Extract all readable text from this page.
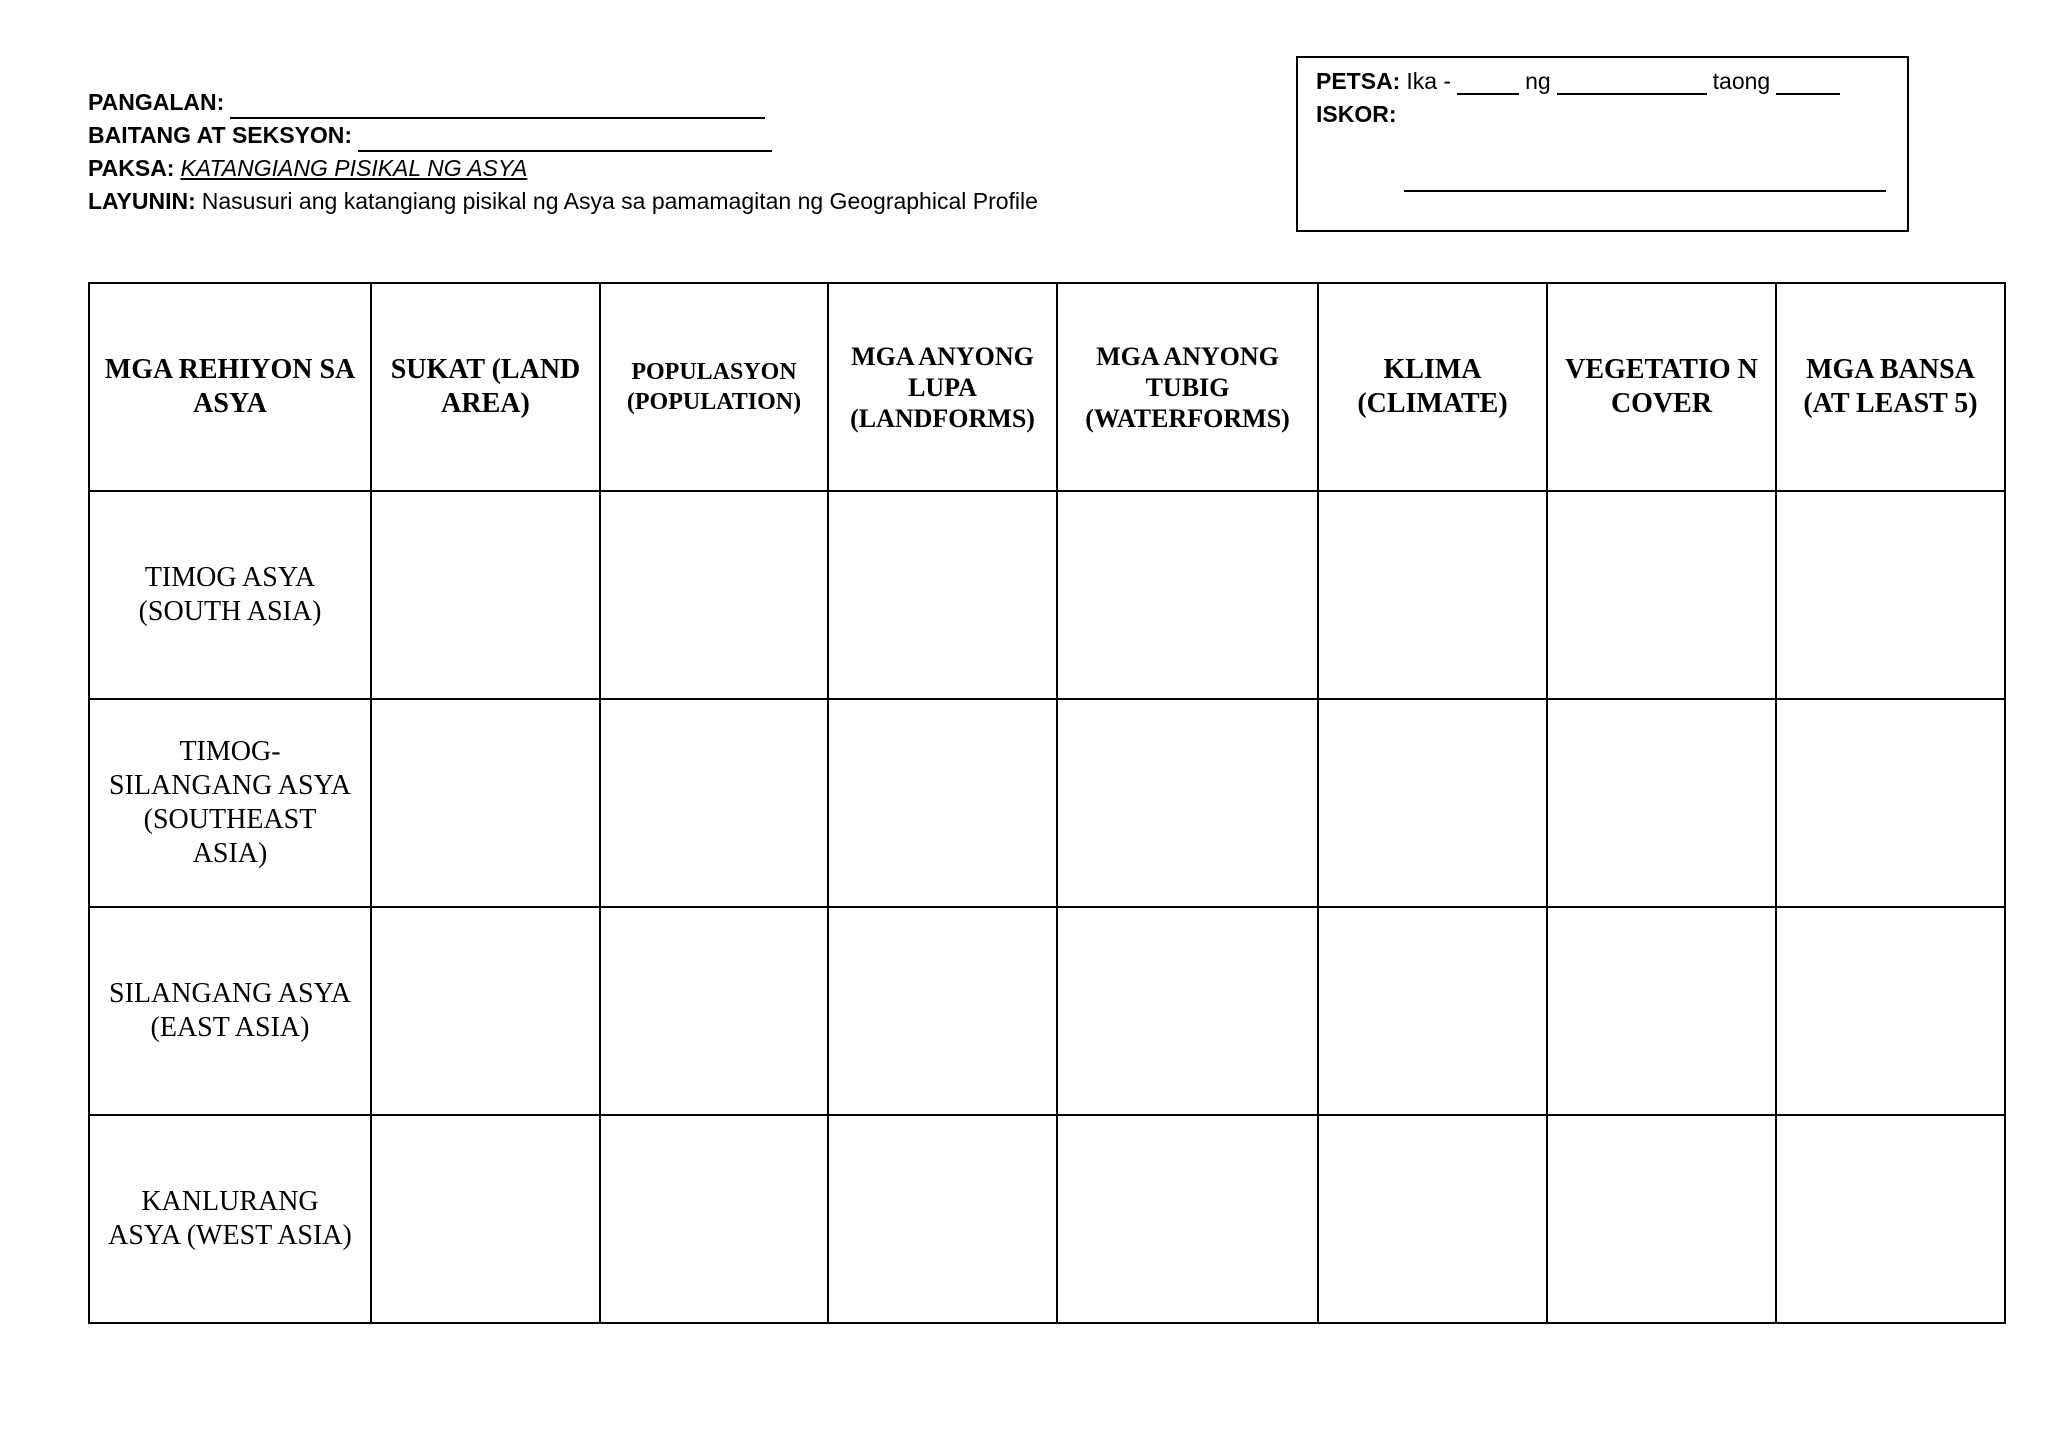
PANGALAN:
BAITANG AT SEKSYON:
PAKSA: KATANGIANG PISIKAL NG ASYA
LAYUNIN: Nasusuri ang katangiang pisikal ng Asya sa pamamagitan ng Geographical Profile
PETSA: Ika -	ng	taong
ISKOR:
MGA REHIYON SA ASYA	SUKAT (LAND AREA)	POPULASYON (POPULATION)	MGA ANYONG LUPA (LANDFORMS)	MGA ANYONG TUBIG (WATERFORMS)	KLIMA (CLIMATE)	VEGETATIO N COVER	MGA BANSA (AT LEAST 5)
TIMOG ASYA (SOUTH ASIA)							
TIMOG-SILANGANG ASYA (SOUTHEAST ASIA)							
SILANGANG ASYA (EAST ASIA)							
KANLURANG ASYA (WEST ASIA)							
